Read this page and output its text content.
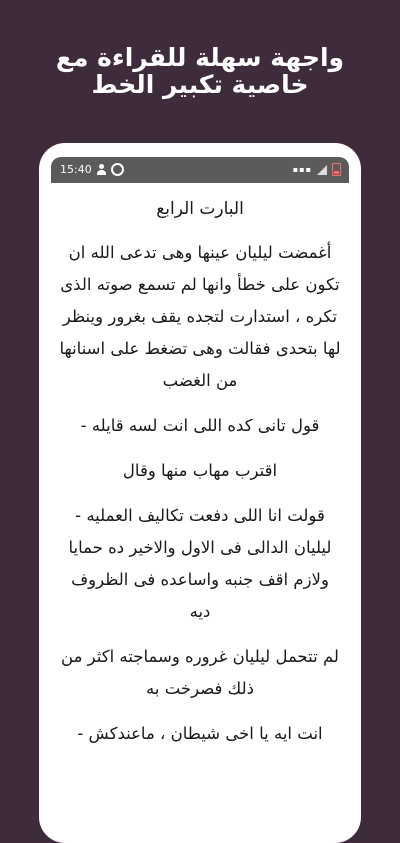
واجهة سهلة للقراءة مع
خاصية تكبير الخط
15:40	▪▪▪
البارت الرابع

أغمضت ليليان عينها وهى تدعى الله ان تكون على خطأ وانها لم تسمع صوته الذى تكره ، استدارت لتجده يقف بغرور وينظر لها بتحدى فقالت وهى تضغط على اسنانها من الغضب

قول تانى كده اللى انت لسه قايله -

اقترب مهاب منها وقال

قولت انا اللى دفعت تكاليف العمليه - ليليان الدالى فى الاول والاخير ده حمايا ولازم اقف جنبه واساعده فى الظروف ديه

لم تتحمل ليليان غروره وسماجته اكثر من ذلك فصرخت به

انت ايه يا اخى شيطان ، ماعندكش -
